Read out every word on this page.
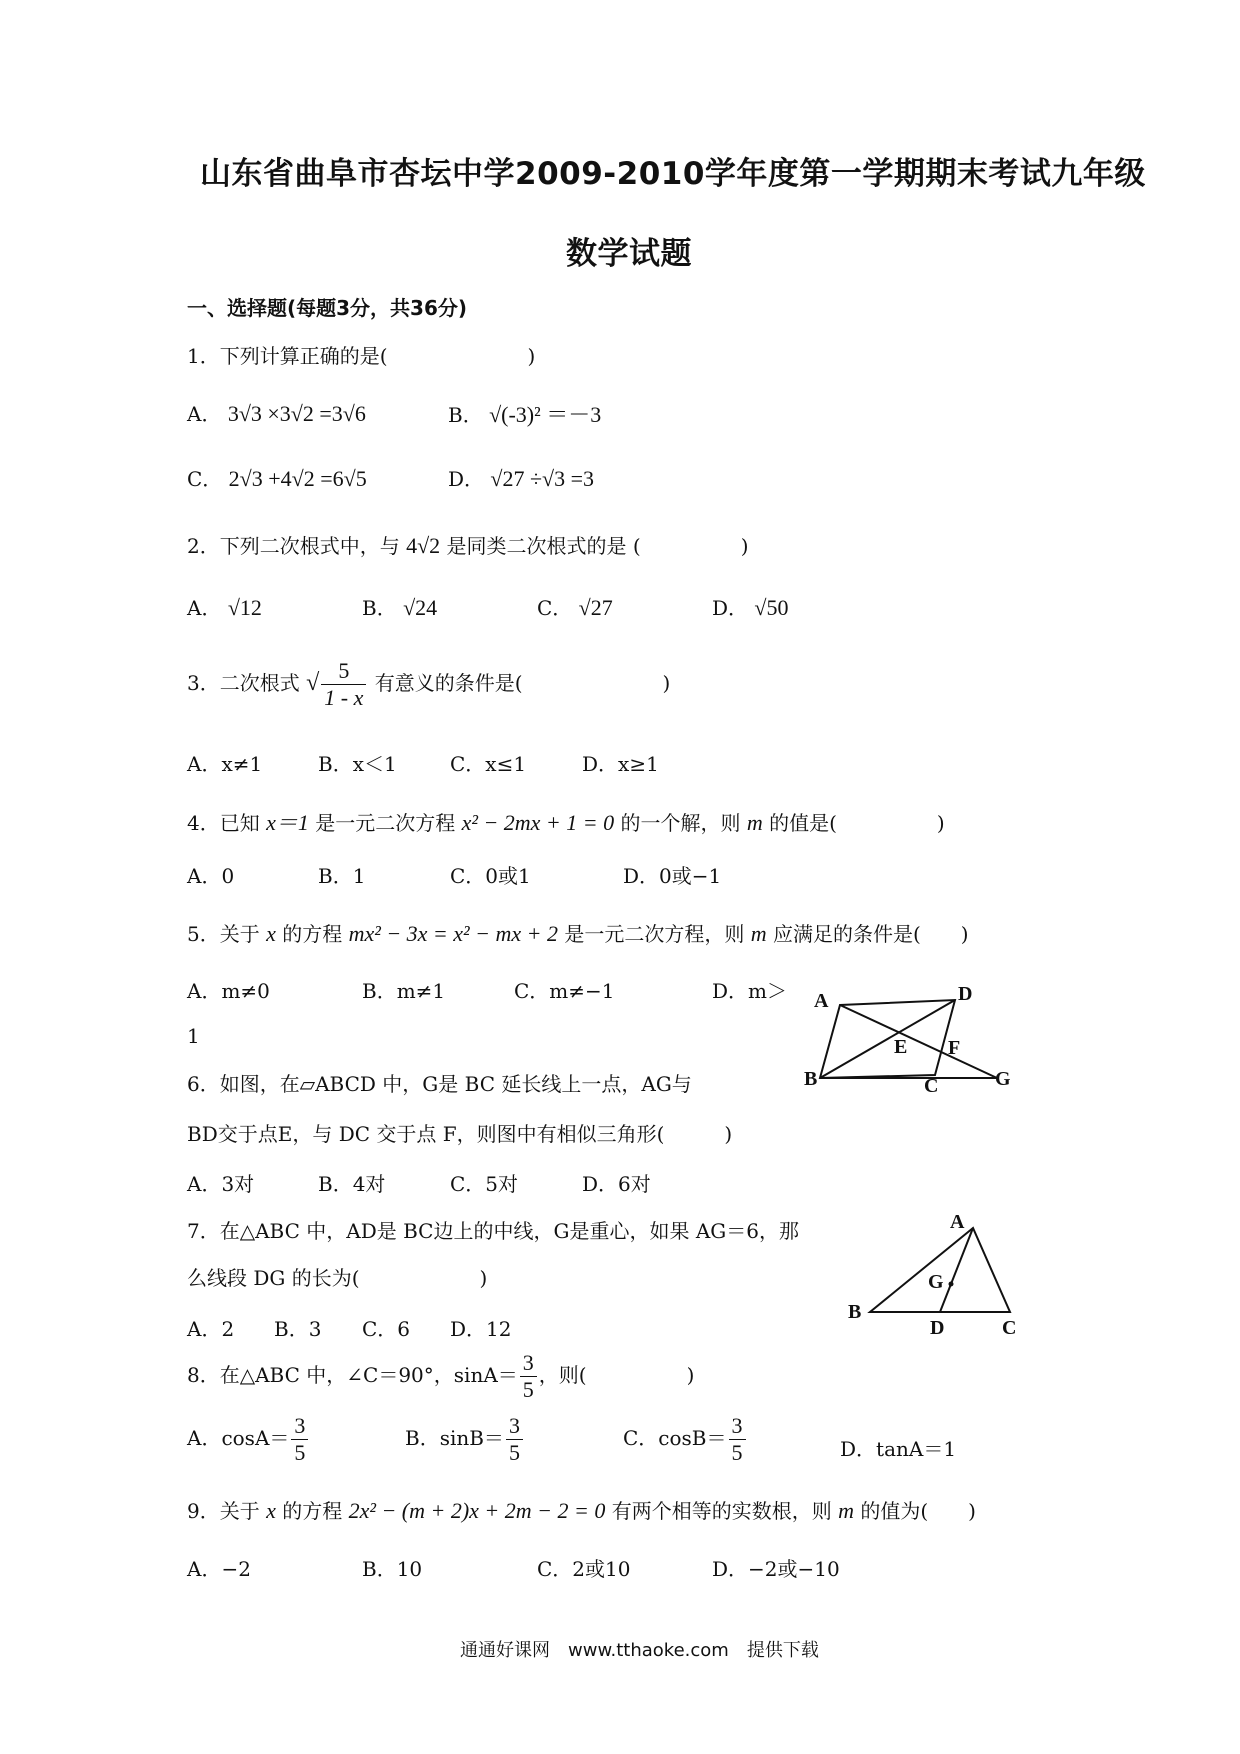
山东省曲阜市杏坛中学2009-2010学年度第一学期期末考试九年级
数学试题
一、选择题(每题3分，共36分)
1．下列计算正确的是(　　　　　　　)
A． 3√3 ×3√2 =3√6	B． √(-3)² ＝－3
C． 2√3 +4√2 =6√5	D． √27 ÷√3 =3
2．下列二次根式中，与 4√2 是同类二次根式的是 (　　　　　)
A． √12	B． √24	C． √27	D． √50
3．二次根式 √ $\frac{5}{1 - x}$ 有意义的条件是(　　　　　　　)
A．x≠1	B．x＜1	C．x≤1	D．x≥1
4．已知 x＝1 是一元二次方程 x² − 2mx + 1 = 0 的一个解，则 m 的值是(　　　　　)
A．0	B．1	C．0或1	D．0或−1
5．关于 x 的方程 mx² − 3x = x² − mx + 2 是一元二次方程，则 m 应满足的条件是(　　)
A．m≠0	B．m≠1	C．m≠−1	D．m＞
1
A	D
E F
B	C	G
6．如图，在▱ABCD 中，G是 BC 延长线上一点，AG与
BD交于点E，与 DC 交于点 F，则图中有相似三角形(　　　)
A．3对	B．4对	C．5对	D．6对
A
G
B
D	C
7．在△ABC 中，AD是 BC边上的中线，G是重心，如果 AG＝6，那
么线段 DG 的长为(　　　　　　)
A．2 B．3 C．6 D．12
8．在△ABC 中，∠C＝90°，$\sin A= \frac{3}{5}$ ，则(　　　　　)
A．$\cos A= \frac{3}{5}$	B．$\sin B= \frac{3}{5}$	C．$\cos B= \frac{3}{5}$	D．tanA＝1
9．关于 x 的方程 2x² − (m + 2)x + 2m − 2 = 0 有两个相等的实数根，则 m 的值为(　　)
A．−2	B．10	C．2或10	D．−2或−10
通通好课网　www.tthaoke.com　提供下载
